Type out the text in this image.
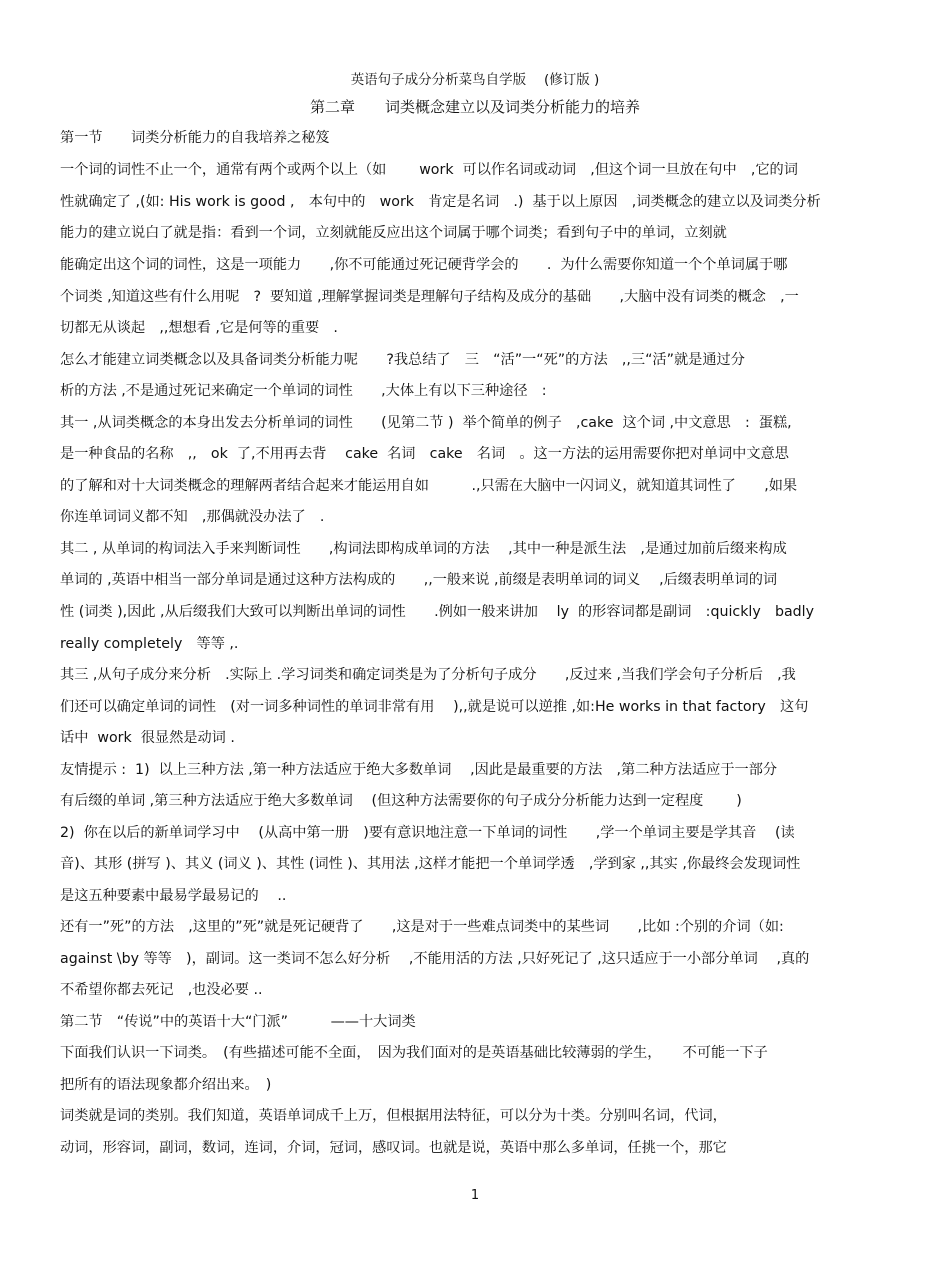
英语句子成分分析菜鸟自学版　 (修订版 )
第二章　　词类概念建立以及词类分析能力的培养
第一节　　词类分析能力的自我培养之秘笈
一个词的词性不止一个，通常有两个或两个以上（如　　 work  可以作名词或动词　,但这个词一旦放在句中　,它的词
性就确定了 ,(如: His work is good ,　本句中的　work　肯定是名词　.)  基于以上原因　,词类概念的建立以及词类分析
能力的建立说白了就是指：看到一个词，立刻就能反应出这个词属于哪个词类；看到句子中的单词，立刻就
能确定出这个词的词性，这是一项能力　　,你不可能通过死记硬背学会的　　.  为什么需要你知道一个个单词属于哪
个词类 ,知道这些有什么用呢　?  要知道 ,理解掌握词类是理解句子结构及成分的基础　　,大脑中没有词类的概念　,一
切都无从谈起　,,想想看 ,它是何等的重要　.
怎么才能建立词类概念以及具备词类分析能力呢　　?我总结了　三　“活”一“死”的方法　,,三“活”就是通过分
析的方法 ,不是通过死记来确定一个单词的词性　　,大体上有以下三种途径　:
其一 ,从词类概念的本身出发去分析单词的词性　　(见第二节 )  举个简单的例子　,cake  这个词 ,中文意思　:  蛋糕,
是一种食品的名称　,,　ok  了,不用再去背　 cake  名词　cake　名词　。这一方法的运用需要你把对单词中文意思
的了解和对十大词类概念的理解两者结合起来才能运用自如　　　.,只需在大脑中一闪词义，就知道其词性了　　,如果
你连单词词义都不知　,那偶就没办法了　.
其二 , 从单词的构词法入手来判断词性　　,构词法即构成单词的方法　 ,其中一种是派生法　,是通过加前后缀来构成
单词的 ,英语中相当一部分单词是通过这种方法构成的　　,,一般来说 ,前缀是表明单词的词义　 ,后缀表明单词的词
性 (词类 ),因此 ,从后缀我们大致可以判断出单词的词性　　.例如一般来讲加　 ly  的形容词都是副词　:quickly　badly
really completely　等等 ,.
其三 ,从句子成分来分析　.实际上 .学习词类和确定词类是为了分析句子成分　　,反过来 ,当我们学会句子分析后　,我
们还可以确定单词的词性　(对一词多种词性的单词非常有用　 ),,就是说可以逆推 ,如:He works in that factory　这句
话中  work  很显然是动词 .
友情提示 :  1)  以上三种方法 ,第一种方法适应于绝大多数单词　 ,因此是最重要的方法　,第二种方法适应于一部分
有后缀的单词 ,第三种方法适应于绝大多数单词　 (但这种方法需要你的句子成分分析能力达到一定程度　　 )
2)  你在以后的新单词学习中　 (从高中第一册　)要有意识地注意一下单词的词性　　,学一个单词主要是学其音　 (读
音)、其形 (拼写 )、其义 (词义 )、其性 (词性 )、其用法 ,这样才能把一个单词学透　,学到家 ,,其实 ,你最终会发现词性
是这五种要素中最易学最易记的　 ..
还有一”死”的方法　,这里的”死”就是死记硬背了　　,这是对于一些难点词类中的某些词　　,比如 :个别的介词（如:
against \by 等等　)，副词。这一类词不怎么好分析　 ,不能用活的方法 ,只好死记了 ,这只适应于一小部分单词　 ,真的
不希望你都去死记　,也没必要 ..
第二节　“传说”中的英语十大“门派”　　　——十大词类
下面我们认识一下词类。　(有些描述可能不全面，　因为我们面对的是英语基础比较薄弱的学生，　　不可能一下子
把所有的语法现象都介绍出来。　)
词类就是词的类别。我们知道，英语单词成千上万，但根据用法特征，可以分为十类。分别叫名词，代词，
动词，形容词，副词，数词，连词，介词，冠词，感叹词。也就是说，英语中那么多单词，任挑一个，那它
1
